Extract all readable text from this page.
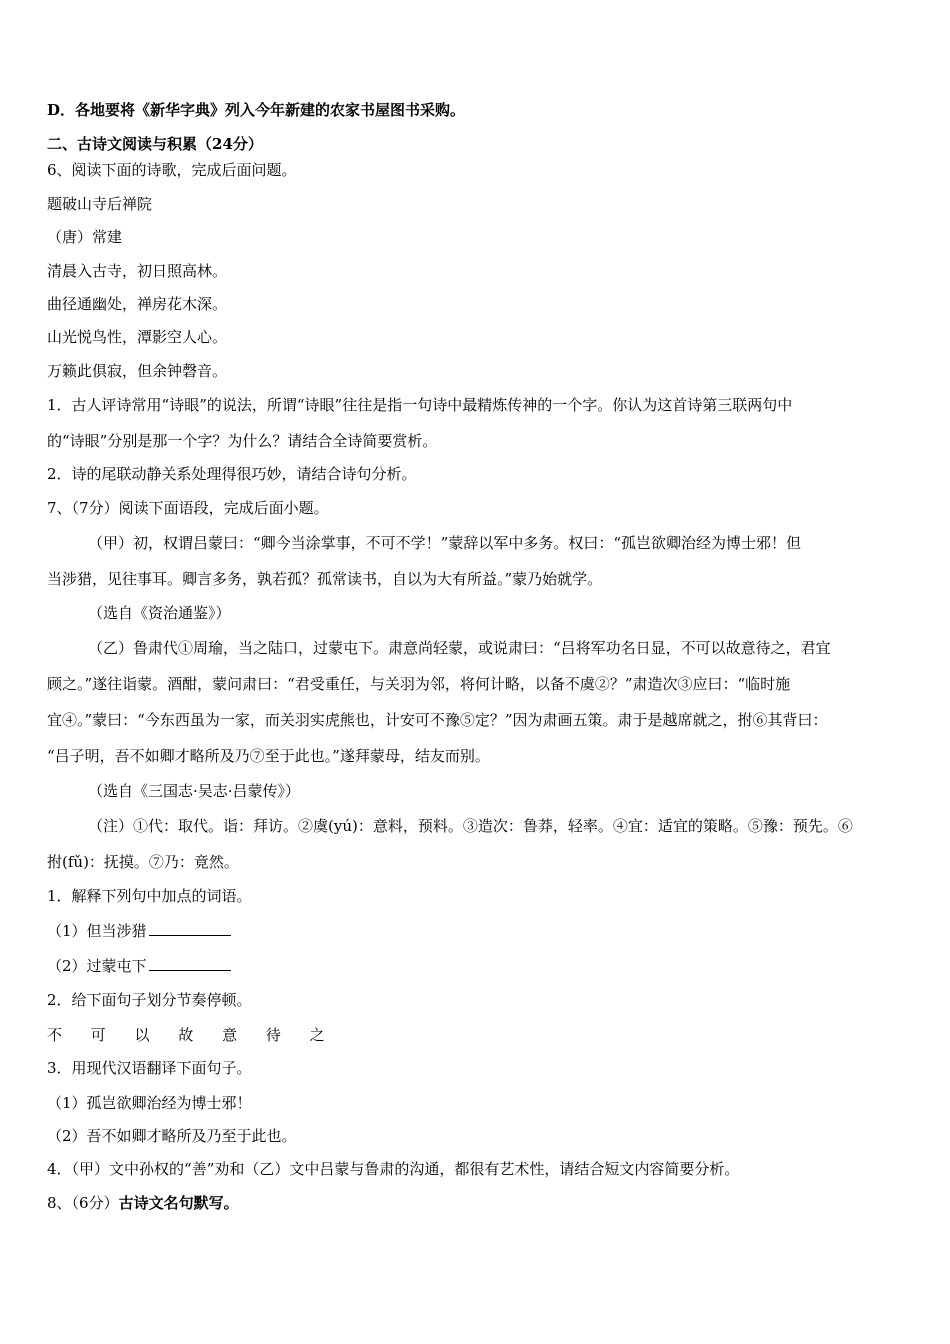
D．各地要将《新华字典》列入今年新建的农家书屋图书采购。
二、古诗文阅读与积累（24分）
6、阅读下面的诗歌，完成后面问题。
题破山寺后禅院
（唐）常建
清晨入古寺，初日照高林。
曲径通幽处，禅房花木深。
山光悦鸟性，潭影空人心。
万籁此俱寂，但余钟磬音。
1．古人评诗常用“诗眼”的说法，所谓“诗眼”往往是指一句诗中最精炼传神的一个字。你认为这首诗第三联两句中
的“诗眼”分别是那一个字？为什么？请结合全诗简要赏析。
2．诗的尾联动静关系处理得很巧妙，请结合诗句分析。
7、（7分）阅读下面语段，完成后面小题。
（甲）初，权谓吕蒙曰：“卿今当涂掌事，不可不学！”蒙辞以军中多务。权曰：“孤岂欲卿治经为博士邪！但
当涉猎，见往事耳。卿言多务，孰若孤？孤常读书，自以为大有所益。”蒙乃始就学。
（选自《资治通鉴》）
（乙）鲁肃代①周瑜，当之陆口，过蒙屯下。肃意尚轻蒙，或说肃曰：“吕将军功名日显，不可以故意待之，君宜
顾之。”遂往诣蒙。酒酣，蒙问肃曰：“君受重任，与关羽为邻，将何计略，以备不虞②？”肃造次③应曰：“临时施
宜④。”蒙曰：“今东西虽为一家，而关羽实虎熊也，计安可不豫⑤定？”因为肃画五策。肃于是越席就之，拊⑥其背曰：
“吕子明，吾不如卿才略所及乃⑦至于此也。”遂拜蒙母，结友而别。
（选自《三国志·吴志·吕蒙传》）
（注）①代：取代。诣：拜访。②虞(yú)：意料，预料。③造次：鲁莽，轻率。④宜：适宜的策略。⑤豫：预先。⑥
拊(fǔ)：抚摸。⑦乃：竟然。
1．解释下列句中加点的词语。
（1）但当涉猎
（2）过蒙屯下
2．给下面句子划分节奏停顿。
不 可 以 故 意 待 之
3．用现代汉语翻译下面句子。
（1）孤岂欲卿治经为博士邪！
（2）吾不如卿才略所及乃至于此也。
4．（甲）文中孙权的“善”劝和（乙）文中吕蒙与鲁肃的沟通，都很有艺术性，请结合短文内容简要分析。
8、（6分）古诗文名句默写。
